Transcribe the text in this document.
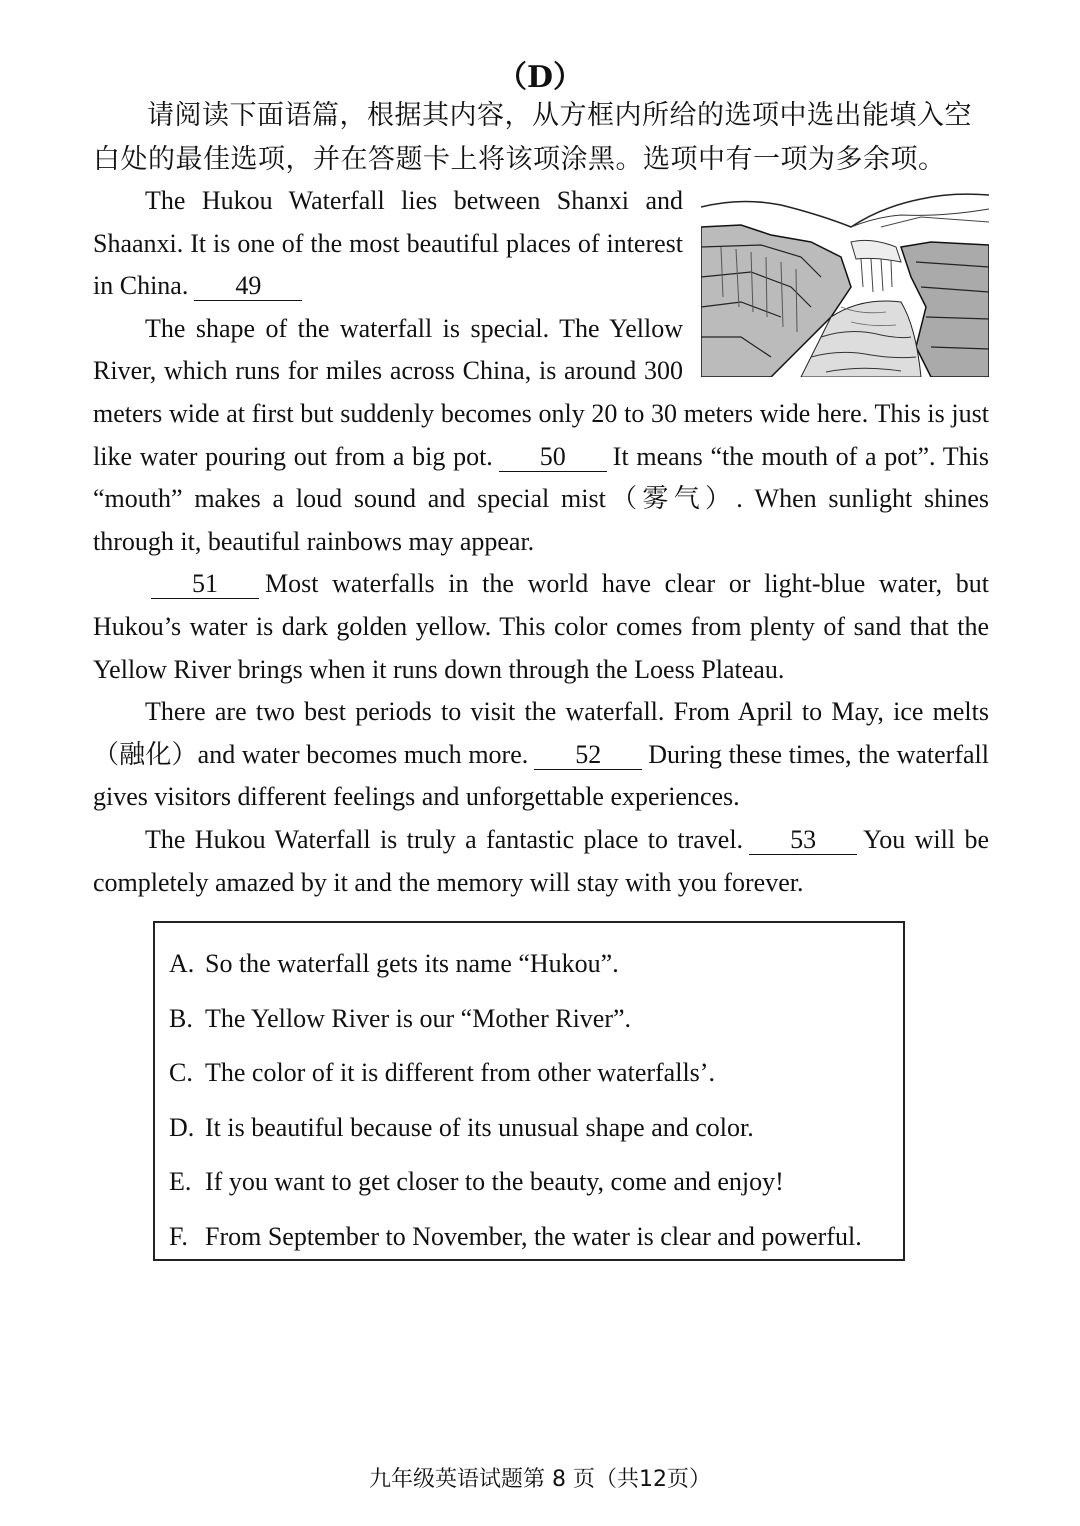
（D）
请阅读下面语篇，根据其内容，从方框内所给的选项中选出能填入空白处的最佳选项，并在答题卡上将该项涂黑。选项中有一项为多余项。

The Hukou Waterfall lies between Shanxi and Shaanxi. It is one of the most beautiful places of interest in China. 49

The shape of the waterfall is special. The Yellow River, which runs for miles across China, is around 300 meters wide at first but suddenly becomes only 20 to 30 meters wide here. This is just like water pouring out from a big pot. 50 It means “the mouth of a pot”. This “mouth” makes a loud sound and special mist（雾气）. When sunlight shines through it, beautiful rainbows may appear.

51 Most waterfalls in the world have clear or light-blue water, but Hukou’s water is dark golden yellow. This color comes from plenty of sand that the Yellow River brings when it runs down through the Loess Plateau.

There are two best periods to visit the waterfall. From April to May, ice melts（融化）and water becomes much more. 52 During these times, the waterfall gives visitors different feelings and unforgettable experiences.

The Hukou Waterfall is truly a fantastic place to travel. 53 You will be completely amazed by it and the memory will stay with you forever.

A. So the waterfall gets its name “Hukou”.
B. The Yellow River is our “Mother River”.
C. The color of it is different from other waterfalls’.
D. It is beautiful because of its unusual shape and color.
E. If you want to get closer to the beauty, come and enjoy!
F. From September to November, the water is clear and powerful.
九年级英语试题第 8 页（共12页）
